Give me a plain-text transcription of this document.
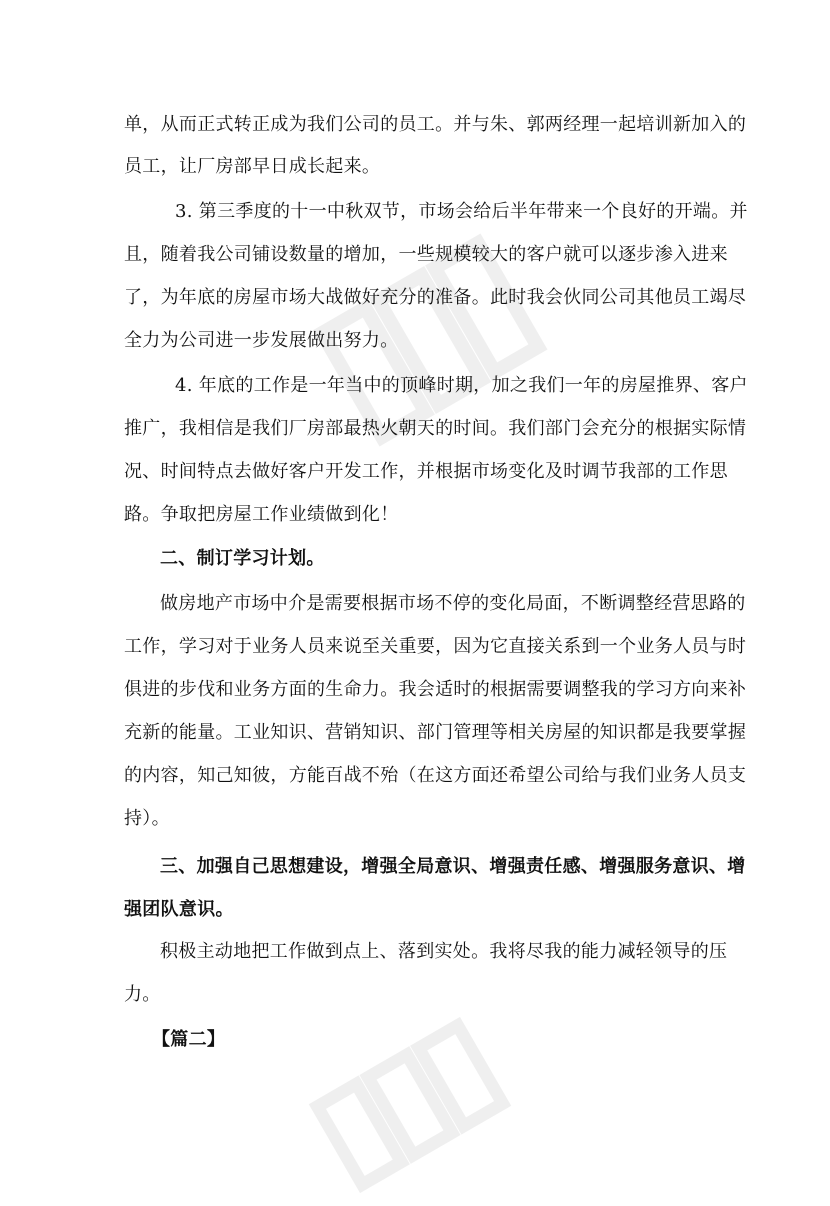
单，从而正式转正成为我们公司的员工。并与朱、郭两经理一起培训新加入的
员工，让厂房部早日成长起来。
3. 第三季度的十一中秋双节，市场会给后半年带来一个良好的开端。并
且，随着我公司铺设数量的增加，一些规模较大的客户就可以逐步渗入进来
了，为年底的房屋市场大战做好充分的准备。此时我会伙同公司其他员工竭尽
全力为公司进一步发展做出努力。
4. 年底的工作是一年当中的顶峰时期，加之我们一年的房屋推界、客户
推广，我相信是我们厂房部最热火朝天的时间。我们部门会充分的根据实际情
况、时间特点去做好客户开发工作，并根据市场变化及时调节我部的工作思
路。争取把房屋工作业绩做到化！
二、制订学习计划。
做房地产市场中介是需要根据市场不停的变化局面，不断调整经营思路的
工作，学习对于业务人员来说至关重要，因为它直接关系到一个业务人员与时
俱进的步伐和业务方面的生命力。我会适时的根据需要调整我的学习方向来补
充新的能量。工业知识、营销知识、部门管理等相关房屋的知识都是我要掌握
的内容，知己知彼，方能百战不殆（在这方面还希望公司给与我们业务人员支
持）。
三、加强自己思想建设，增强全局意识、增强责任感、增强服务意识、增
强团队意识。
积极主动地把工作做到点上、落到实处。我将尽我的能力减轻领导的压
力。
【篇二】
